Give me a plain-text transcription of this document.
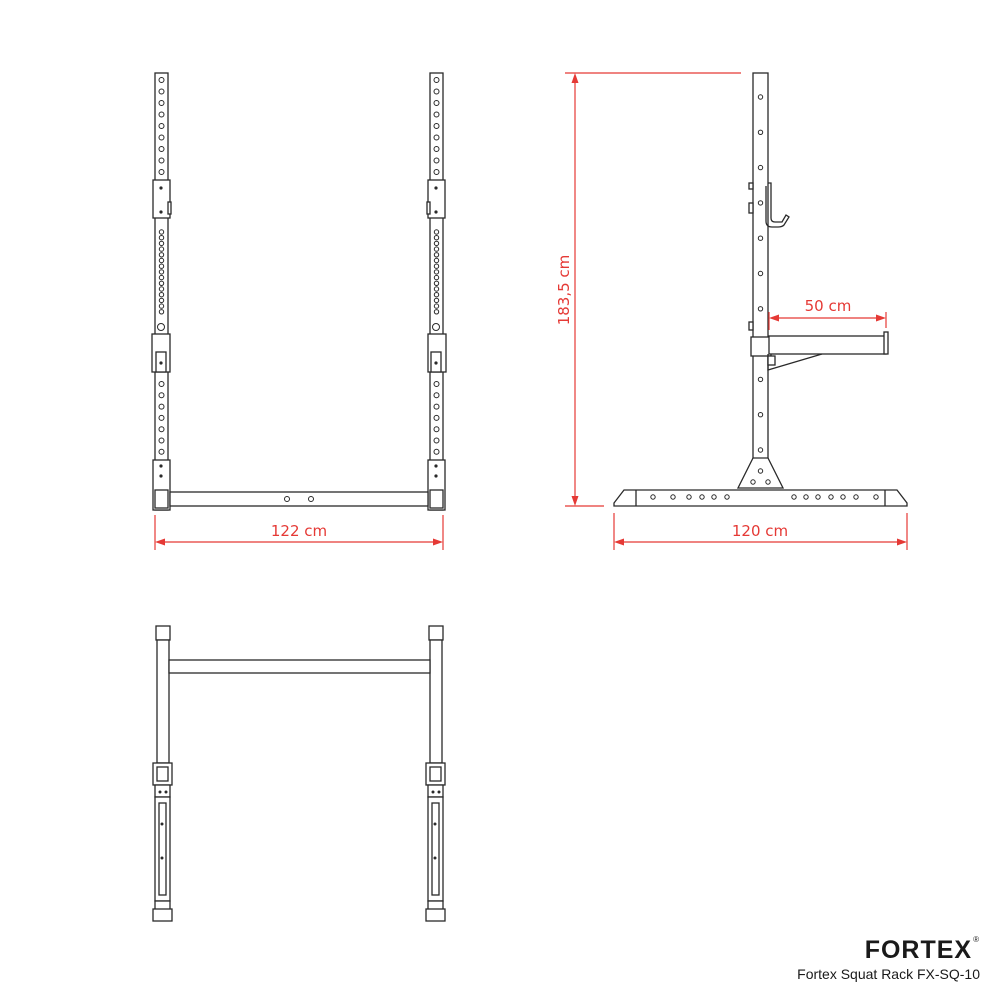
122 cm
183,5 cm
120 cm
50 cm
FORTEX®
Fortex Squat Rack FX-SQ-10
